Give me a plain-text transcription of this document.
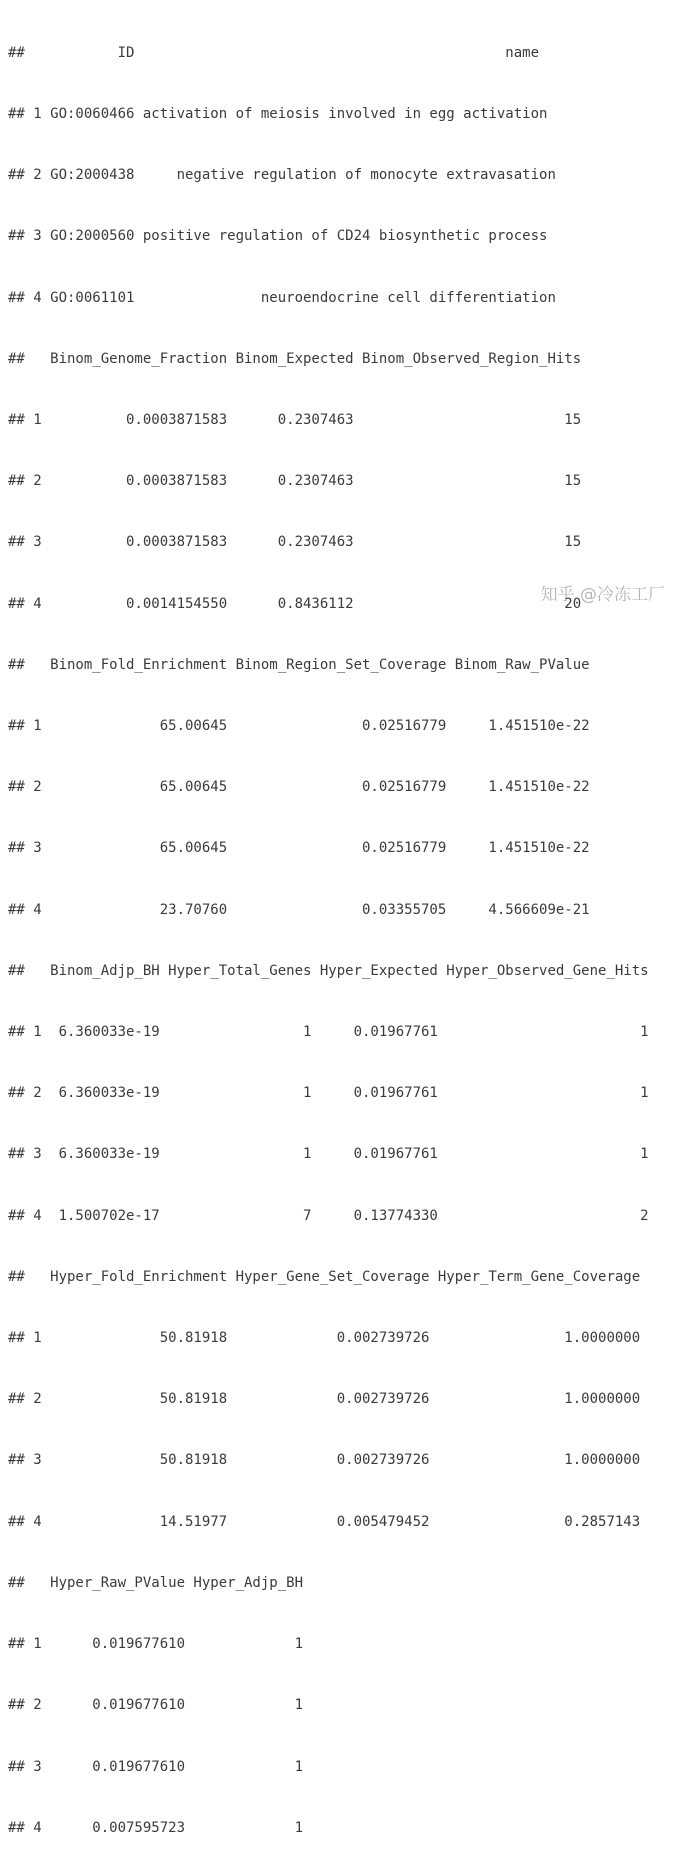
##           ID                                            name

## 1 GO:0060466 activation of meiosis involved in egg activation

## 2 GO:2000438     negative regulation of monocyte extravasation

## 3 GO:2000560 positive regulation of CD24 biosynthetic process

## 4 GO:0061101               neuroendocrine cell differentiation

##   Binom_Genome_Fraction Binom_Expected Binom_Observed_Region_Hits

## 1          0.0003871583      0.2307463                         15

## 2          0.0003871583      0.2307463                         15

## 3          0.0003871583      0.2307463                         15

## 4          0.0014154550      0.8436112                         20

##   Binom_Fold_Enrichment Binom_Region_Set_Coverage Binom_Raw_PValue

## 1              65.00645                0.02516779     1.451510e-22

## 2              65.00645                0.02516779     1.451510e-22

## 3              65.00645                0.02516779     1.451510e-22

## 4              23.70760                0.03355705     4.566609e-21

##   Binom_Adjp_BH Hyper_Total_Genes Hyper_Expected Hyper_Observed_Gene_Hits

## 1  6.360033e-19                 1     0.01967761                        1

## 2  6.360033e-19                 1     0.01967761                        1

## 3  6.360033e-19                 1     0.01967761                        1

## 4  1.500702e-17                 7     0.13774330                        2

##   Hyper_Fold_Enrichment Hyper_Gene_Set_Coverage Hyper_Term_Gene_Coverage

## 1              50.81918             0.002739726                1.0000000

## 2              50.81918             0.002739726                1.0000000

## 3              50.81918             0.002739726                1.0000000

## 4              14.51977             0.005479452                0.2857143

##   Hyper_Raw_PValue Hyper_Adjp_BH

## 1      0.019677610             1

## 2      0.019677610             1

## 3      0.019677610             1

## 4      0.007595723             1

知乎 @冷冻工厂
